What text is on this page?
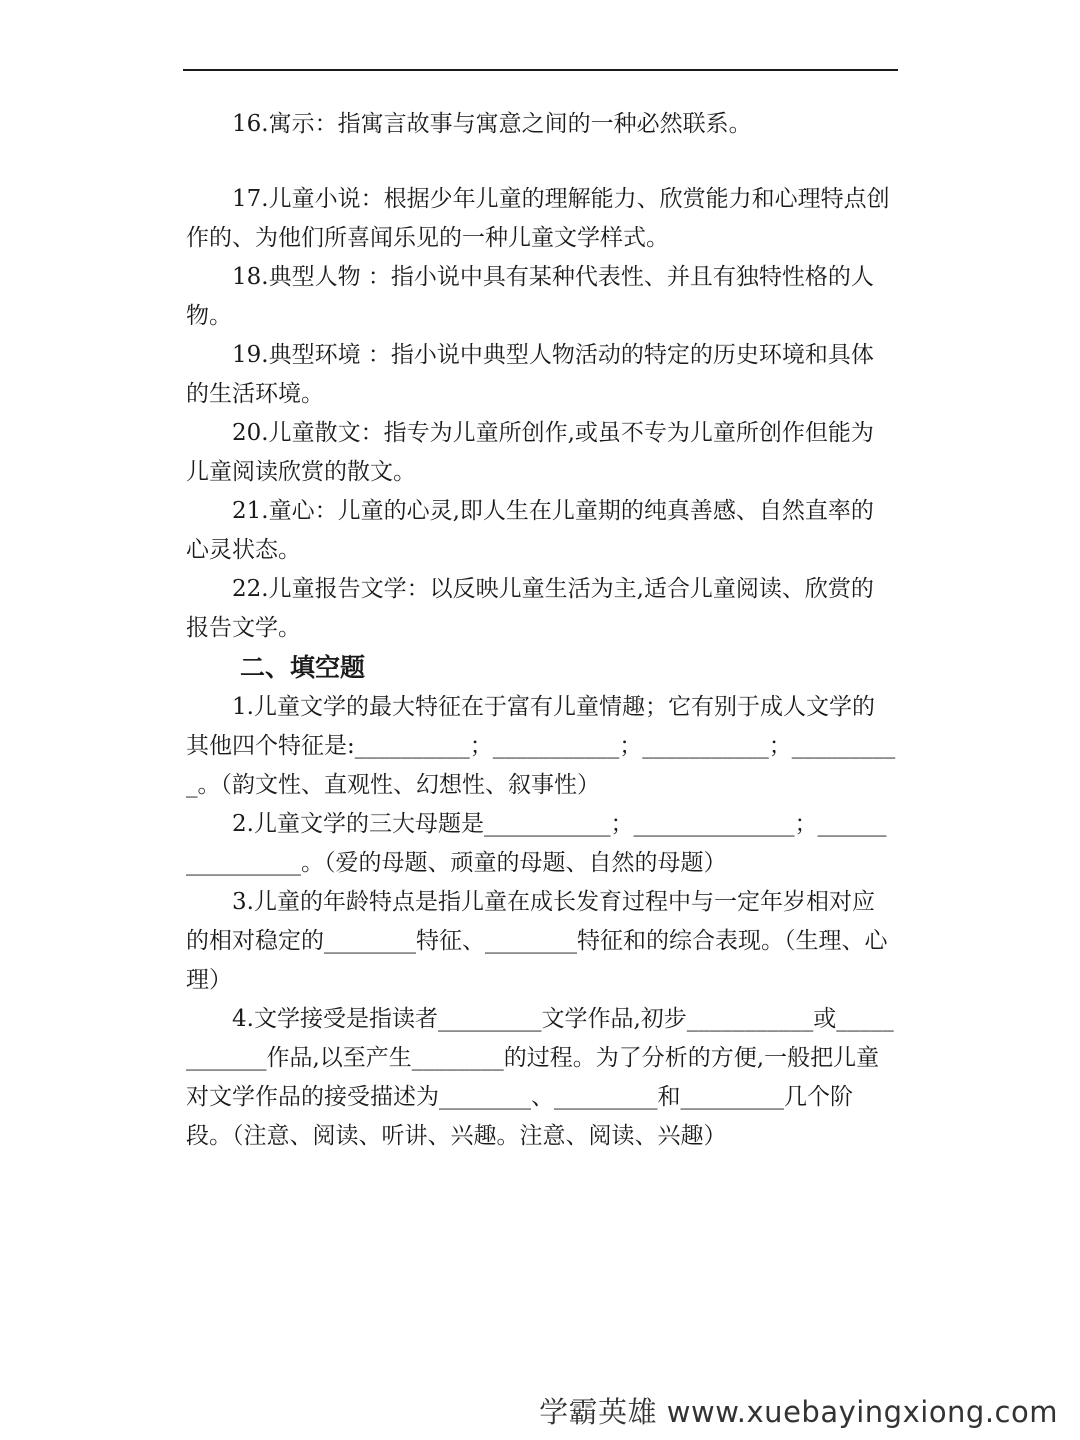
16.寓示：指寓言故事与寓意之间的一种必然联系。

17.儿童小说：根据少年儿童的理解能力、欣赏能力和心理特点创作的、为他们所喜闻乐见的一种儿童文学样式。

18.典型人物 ：指小说中具有某种代表性、并且有独特性格的人物。

19.典型环境 ：指小说中典型人物活动的特定的历史环境和具体的生活环境。

20.儿童散文：指专为儿童所创作,或虽不专为儿童所创作但能为儿童阅读欣赏的散文。

21.童心：儿童的心灵,即人生在儿童期的纯真善感、自然直率的心灵状态。

22.儿童报告文学：以反映儿童生活为主,适合儿童阅读、欣赏的报告文学。

二、填空题

1.儿童文学的最大特征在于富有儿童情趣；它有别于成人文学的其他四个特征是:__________；___________；___________；__________。（韵文性、直观性、幻想性、叙事性）

2.儿童文学的三大母题是___________；______________；________________。（爱的母题、顽童的母题、自然的母题）

3.儿童的年龄特点是指儿童在成长发育过程中与一定年岁相对应的相对稳定的________特征、________特征和的综合表现。（生理、心理）

4.文学接受是指读者_________文学作品,初步___________或____________作品,以至产生________的过程。为了分析的方便,一般把儿童对文学作品的接受描述为________、_________和_________几个阶段。（注意、阅读、听讲、兴趣。注意、阅读、兴趣）

学霸英雄 www.xuebayingxiong.com
